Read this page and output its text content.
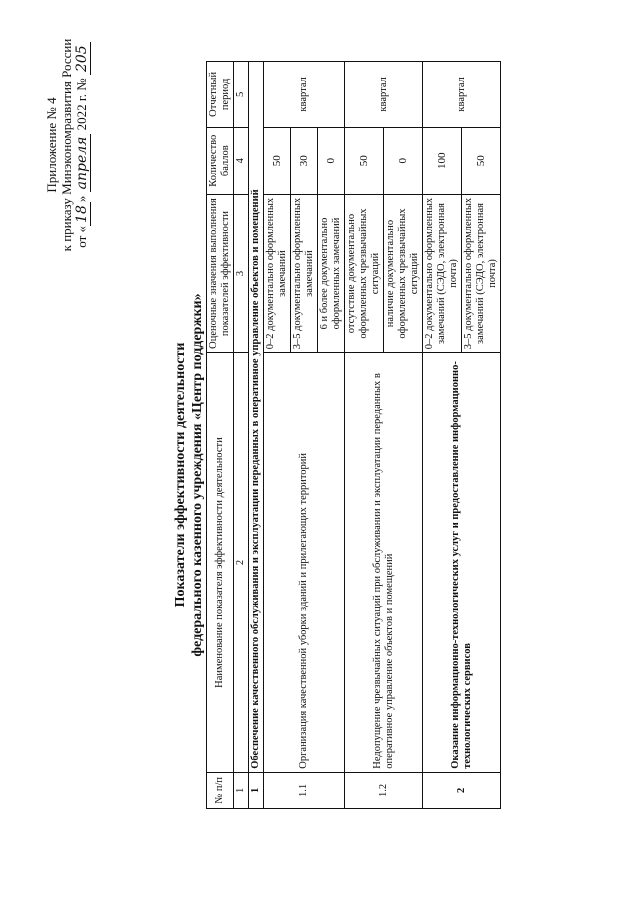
Приложение № 4 к приказу Минэкономразвития России от «18» апреля 2022 г. № 205
Показатели эффективности деятельности федерального казенного учреждения «Центр поддержки»
№ п/п	Наименование показателя эффективности деятельности	Оценочные значения выполнения показателей эффективности	Количество баллов	Отчетный период
1	2	3	4	5
1	Обеспечение качественного обслуживания и эксплуатации переданных в оперативное управление объектов и помещений			
1.1	Организация качественной уборки зданий и прилегающих территорий	0–2 документально оформленных замечаний	50	квартал
		3–5 документально оформленных замечаний	30	
		6 и более документально оформленных замечаний	0	
1.2	Недопущение чрезвычайных ситуаций при обслуживании и эксплуатации переданных в оперативное управление объектов и помещений	отсутствие документально оформленных чрезвычайных ситуаций	50	квартал
		наличие документально оформленных чрезвычайных ситуаций	0	
2	Оказание информационно-технологических услуг и предоставление информационно-технологических сервисов	0–2 документально оформленных замечаний (СЭДО, электронная почта)	100	квартал
		3–5 документально оформленных замечаний (СЭДО, электронная почта)	50	
